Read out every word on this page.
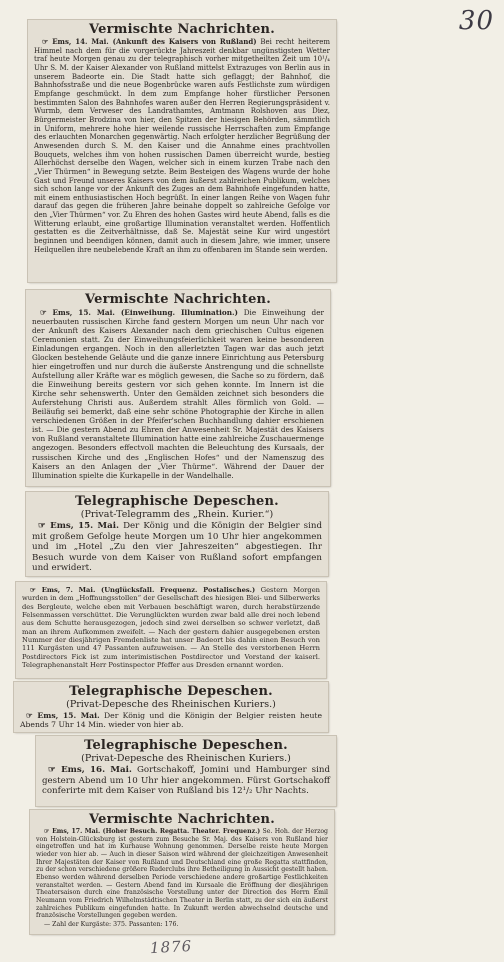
30
Vermischte Nachrichten.

☞ Ems, 14. Mai. (Ankunft des Kaisers von Rußland) Bei recht heiterem Himmel nach dem für die vorgerückte Jahreszeit denkbar ungünstigsten Wetter traf heute Morgen genau zu der telegraphisch vorher mitgetheilten Zeit um 10¹/₄ Uhr S. M. der Kaiser Alexander von Rußland mittelst Extrazuges von Berlin aus in unserem Badeorte ein. Die Stadt hatte sich geflaggt; der Bahnhof, die Bahnhofsstraße und die neue Bogenbrücke waren aufs Festlichste zum würdigen Empfange geschmückt. In dem zum Empfange hoher fürstlicher Personen bestimmten Salon des Bahnhofes waren außer den Herren Regierungspräsident v. Wurmb, dem Verweser des Landrathamtes, Amtmann Rolshoven aus Diez, Bürgermeister Brodzina von hier, den Spitzen der hiesigen Behörden, sämmtlich in Uniform, mehrere hohe hier weilende russische Herrschaften zum Empfange des erlauchten Monarchen gegenwärtig. Nach erfolgter herzlicher Begrüßung der Anwesenden durch S. M. den Kaiser und die Annahme eines prachtvollen Bouquets, welches ihm von hohen russischen Damen überreicht wurde, bestieg Allerhöchst derselbe den Wagen, welcher sich in einem kurzen Trabe nach den „Vier Thürmen“ in Bewegung setzte. Beim Besteigen des Wagens wurde der hohe Gast und Freund unseres Kaisers von dem äußerst zahlreichen Publikum, welches sich schon lange vor der Ankunft des Zuges an dem Bahnhofe eingefunden hatte, mit einem enthusiastischen Hoch begrüßt. In einer langen Reihe von Wagen fuhr darauf das gegen die früheren Jahre beinahe doppelt so zahlreiche Gefolge vor den „Vier Thürmen“ vor. Zu Ehren des hohen Gastes wird heute Abend, falls es die Witterung erlaubt, eine großartige Illumination veranstaltet werden. Hoffentlich gestatten es die Zeitverhältnisse, daß Se. Majestät seine Kur wird ungestört beginnen und beendigen können, damit auch in diesem Jahre, wie immer, unsere Heilquellen ihre neubelebende Kraft an ihm zu offenbaren im Stande sein werden.

Vermischte Nachrichten.

☞ Ems, 15. Mai. (Einweihung. Illumination.) Die Einweihung der neuerbauten russischen Kirche fand gestern Morgen um neun Uhr nach vor der Ankunft des Kaisers Alexander nach dem griechischen Cultus eigenen Ceremonien statt. Zu der Einweihungsfeierlichkeit waren keine besonderen Einladungen ergangen. Noch in den allerletzten Tagen war das auch jetzt Glocken bestehende Geläute und die ganze innere Einrichtung aus Petersburg hier eingetroffen und nur durch die äußerste Anstrengung und die schnellste Aufstellung aller Kräfte war es möglich gewesen, die Sache so zu fördern, daß die Einweihung bereits gestern vor sich gehen konnte. Im Innern ist die Kirche sehr sehenswerth. Unter den Gemälden zeichnet sich besonders die Auferstehung Christi aus. Außerdem strahlt Alles förmlich von Gold. — Beiläufig sei bemerkt, daß eine sehr schöne Photographie der Kirche in allen verschiedenen Größen in der Pfeifer'schen Buchhandlung dahier erschienen ist. — Die gestern Abend zu Ehren der Anwesenheit Sr. Majestät des Kaisers von Rußland veranstaltete Illumination hatte eine zahlreiche Zuschauermenge angezogen. Besonders effectvoll machten die Beleuchtung des Kursaals, der russischen Kirche und des „Englischen Hofes“ und der Namenszug des Kaisers an den Anlagen der „Vier Thürme“. Während der Dauer der Illumination spielte die Kurkapelle in der Wandelhalle.

Telegraphische Depeschen.
(Privat-Telegramm des „Rhein. Kurier.“)

☞ Ems, 15. Mai. Der König und die Königin der Belgier sind mit großem Gefolge heute Morgen um 10 Uhr hier angekommen und im „Hotel „Zu den vier Jahreszeiten“ abgestiegen. Ihr Besuch wurde von dem Kaiser von Rußland sofort empfangen und erwidert.

☞ Ems, 7. Mai. (Unglücksfall. Frequenz. Postalisches.) Gestern Morgen wurden in dem „Hoffnungsstollen“ der Gesellschaft des hiesigen Blei- und Silberwerks des Bergleute, welche eben mit Verbauen beschäftigt waren, durch herabstürzende Felsenmassen verschüttet. Die Verunglückten wurden zwar bald alle drei noch lebend aus dem Schutte herausgezogen, jedoch sind zwei derselben so schwer verletzt, daß man an ihrem Aufkommen zweifelt. — Nach der gestern dahier ausgegebenen ersten Nummer der diesjährigen Fremdenliste hat unser Badeort bis dahin einen Besuch von 111 Kurgästen und 47 Passanten aufzuweisen. — An Stelle des verstorbenen Herrn Postdirectors Fick ist zum interimistischen Postdirector und Vorstand der kaiserl. Telegraphenanstalt Herr Postinspector Pfeffer aus Dresden ernannt worden.

Telegraphische Depeschen.
(Privat-Depesche des Rheinischen Kuriers.)

☞ Ems, 15. Mai. Der König und die Königin der Belgier reisten heute Abends 7 Uhr 14 Min. wieder von hier ab.

Telegraphische Depeschen.
(Privat-Depesche des Rheinischen Kuriers.)

☞ Ems, 16. Mai. Gortschakoff, Jomini und Hamburger sind gestern Abend um 10 Uhr hier angekommen. Fürst Gortschakoff conferirte mit dem Kaiser von Rußland bis 12¹/₂ Uhr Nachts.

Vermischte Nachrichten.

☞ Ems, 17. Mai. (Hoher Besuch. Regatta. Theater. Frequenz.) Se. Hoh. der Herzog von Holstein-Glücksburg ist gestern zum Besuche Sr. Maj. des Kaisers von Rußland hier eingetroffen und hat im Kurhause Wohnung genommen. Derselbe reiste heute Morgen wieder von hier ab. — Auch in dieser Saison wird während der gleichzeitigen Anwesenheit Ihrer Majestäten der Kaiser von Rußland und Deutschland eine große Regatta stattfinden, zu der schon verschiedene größere Ruderclubs ihre Betheiligung in Aussicht gestellt haben. Ebenso werden während derselben Periode verschiedene andere großartige Festlichkeiten veranstaltet werden. — Gestern Abend fand im Kursaale die Eröffnung der diesjährigen Theatersaison durch eine französische Vorstellung unter der Direction des Herrn Emil Neumann vom Friedrich Wilhelmstädtischen Theater in Berlin statt, zu der sich ein äußerst zahlreiches Publikum eingefunden hatte. In Zukunft werden abwechselnd deutsche und französische Vorstellungen gegeben werden.

— Zahl der Kurgäste: 375. Passanten: 176.

1876
